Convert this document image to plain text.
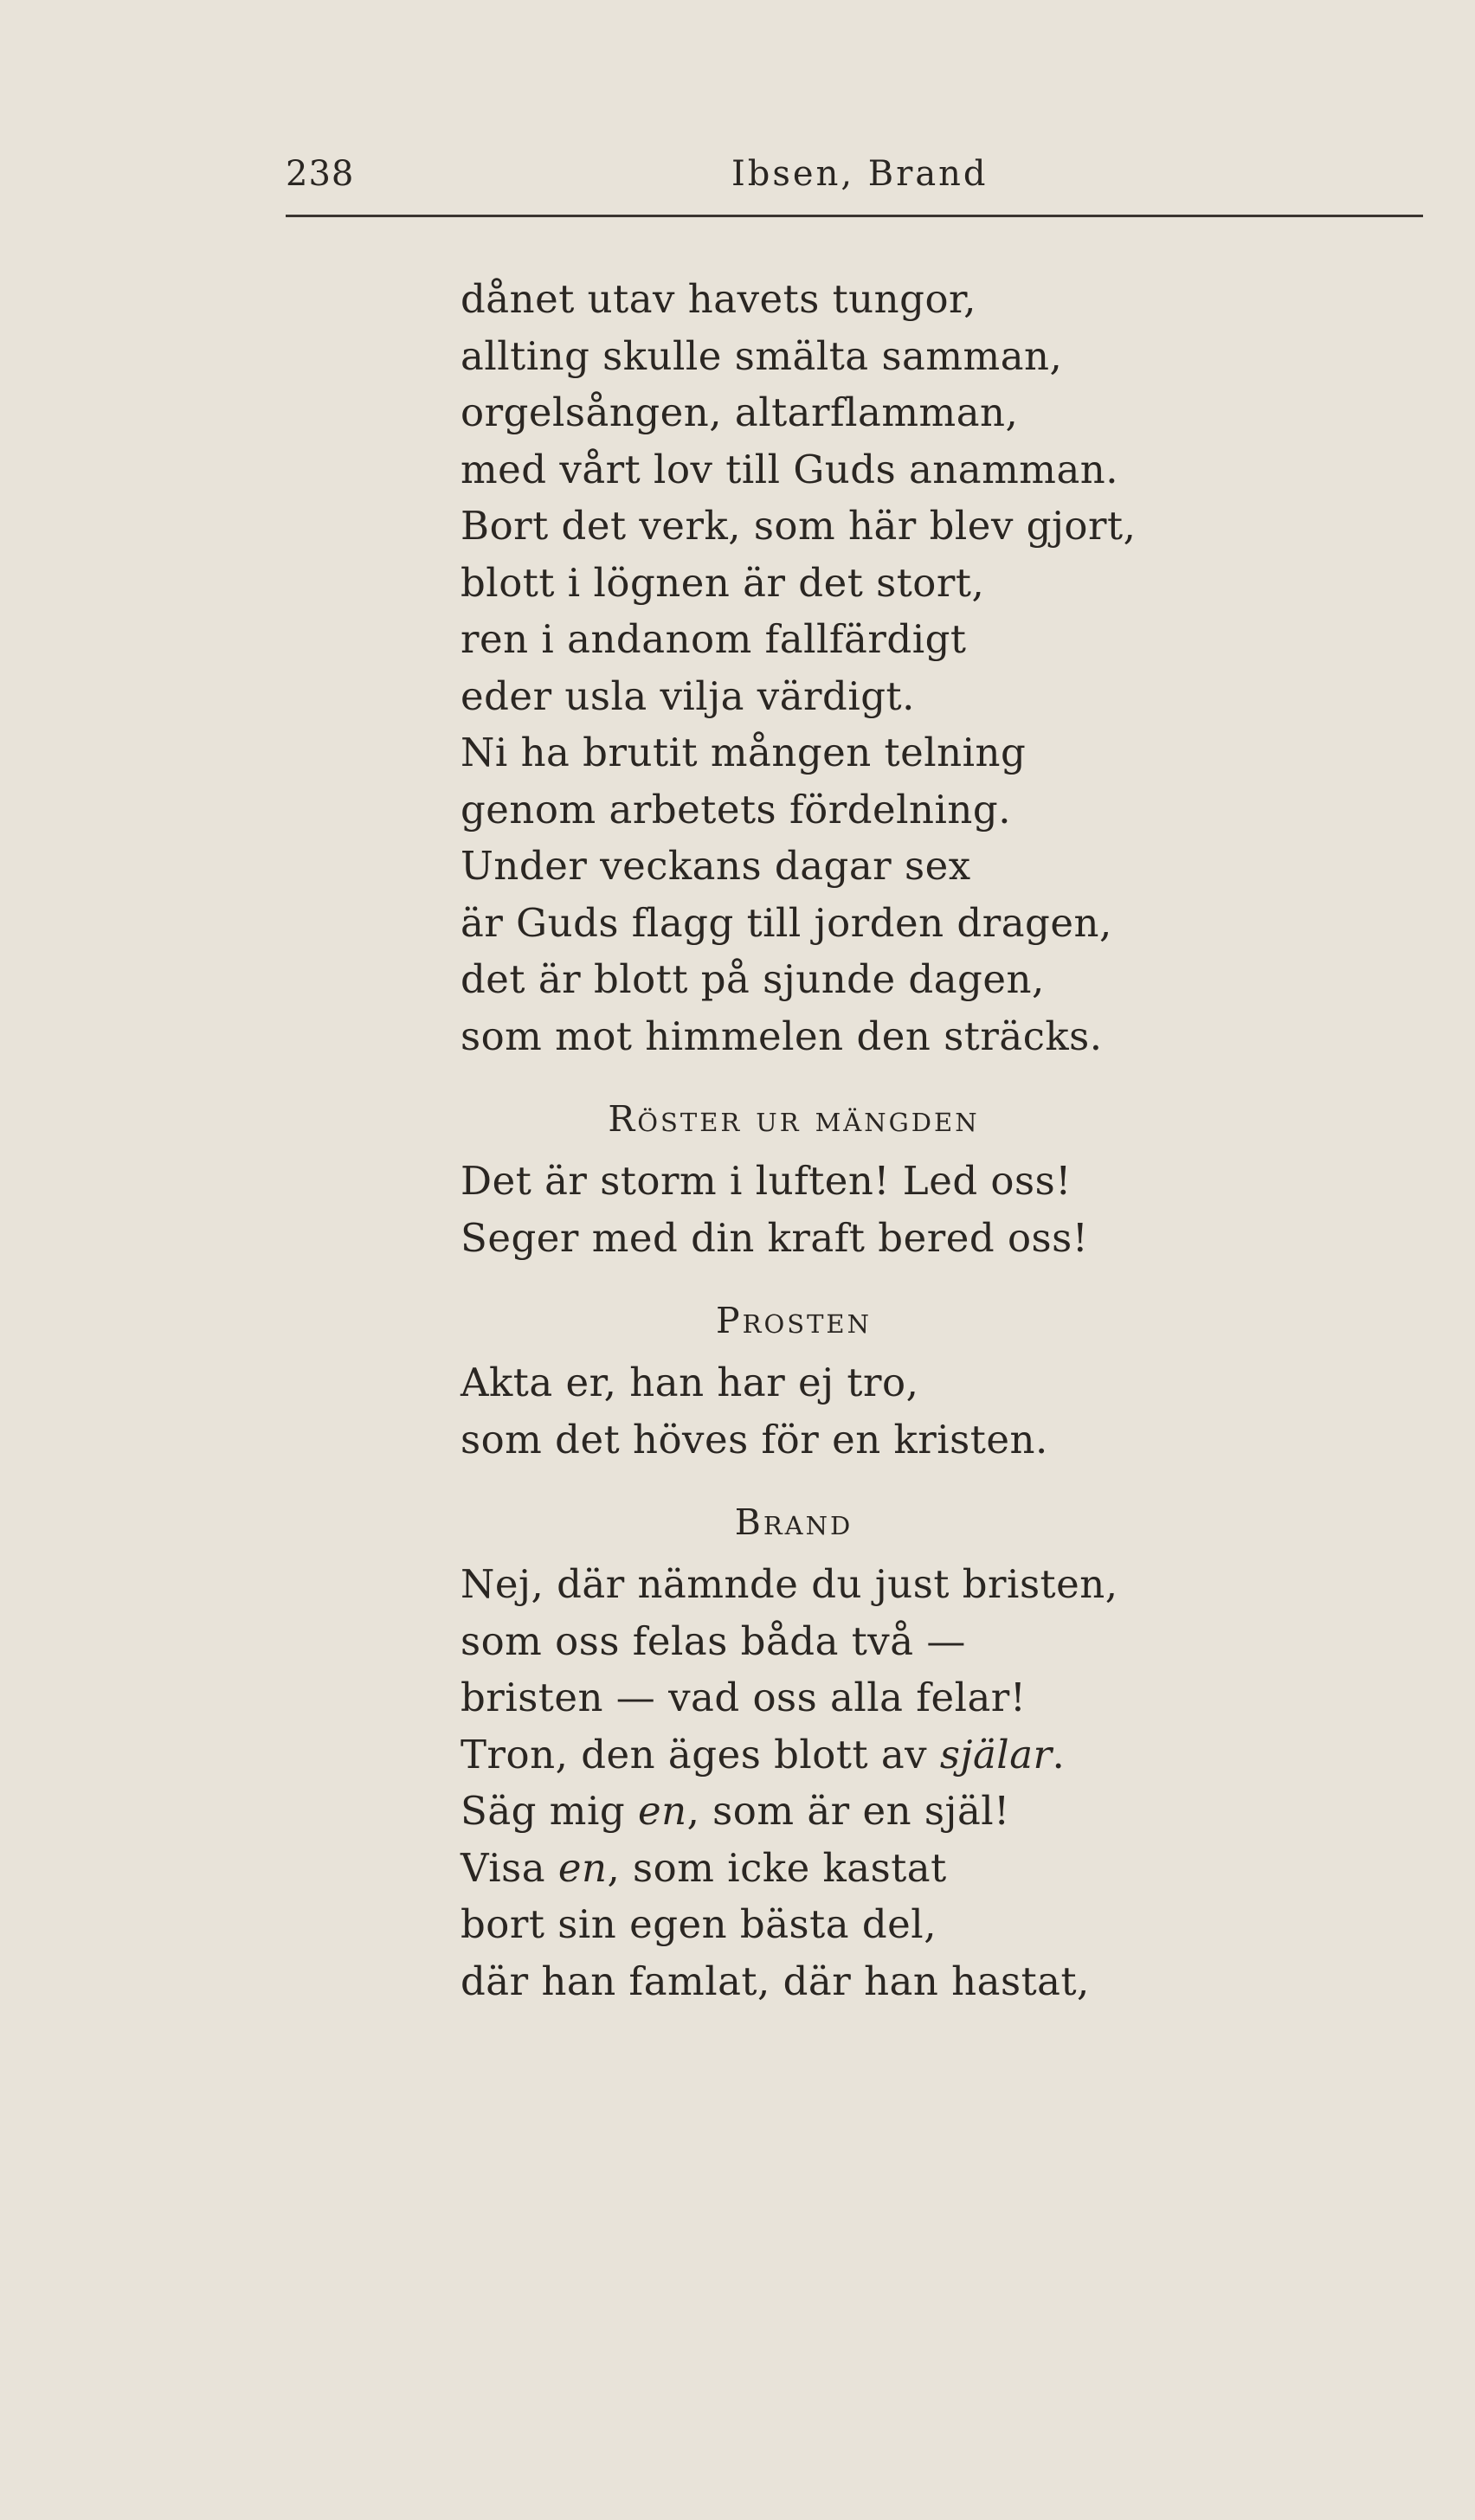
238	Ibsen, Brand
dånet utav havets tungor,
allting skulle smälta samman,
orgelsången, altarflamman,
med vårt lov till Guds anamman.
Bort det verk, som här blev gjort,
blott i lögnen är det stort,
ren i andanom fallfärdigt
eder usla vilja värdigt.
Ni ha brutit mången telning
genom arbetets fördelning.
Under veckans dagar sex
är Guds flagg till jorden dragen,
det är blott på sjunde dagen,
som mot himmelen den sträcks.
Röster ur mängden
Det är storm i luften! Led oss!
Seger med din kraft bered oss!
Prosten
Akta er, han har ej tro,
som det höves för en kristen.
Brand
Nej, där nämnde du just bristen,
som oss felas båda två —
bristen — vad oss alla felar!
Tron, den äges blott av själar.
Säg mig en, som är en själ!
Visa en, som icke kastat
bort sin egen bästa del,
där han famlat, där han hastat,
